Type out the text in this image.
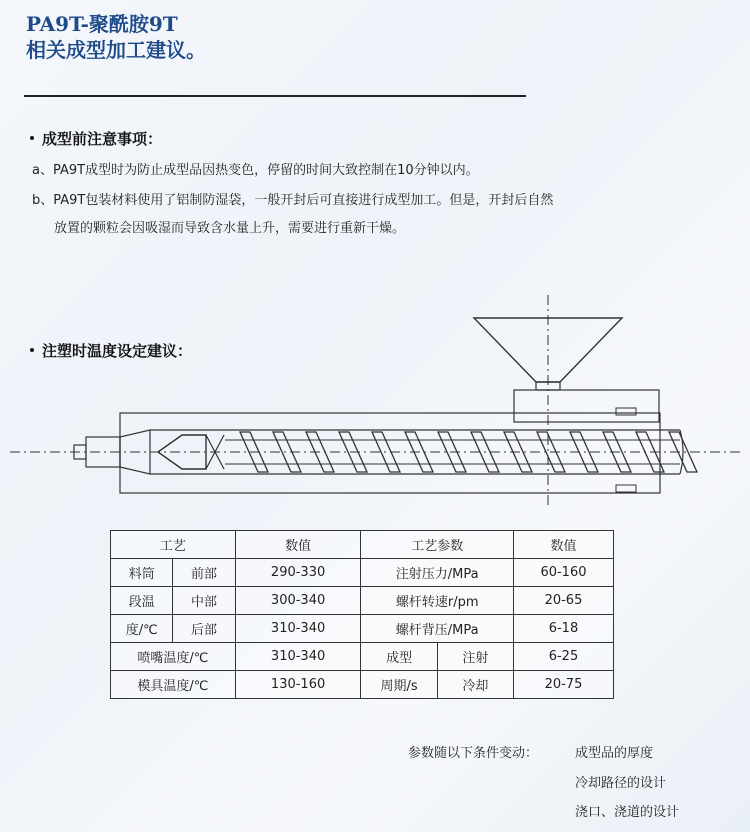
PA9T-聚酰胺9T
相关成型加工建议。
成型前注意事项：
a、PA9T成型时为防止成型品因热变色，停留的时间大致控制在10分钟以内。
b、PA9T包装材料使用了铝制防湿袋，一般开封后可直接进行成型加工。但是，开封后自然
放置的颗粒会因吸湿而导致含水量上升，需要进行重新干燥。
注塑时温度设定建议：
工艺		数值	工艺参数		数值
料筒	前部	290-330	注射压力/MPa		60-160
段温	中部	300-340	螺杆转速r/pm		20-65
度/℃	后部	310-340	螺杆背压/MPa		6-18
喷嘴温度/℃		310-340	成型	注射	6-25
模具温度/℃		130-160	周期/s	冷却	20-75
参数随以下条件变动：	成型品的厚度
冷却路径的设计
浇口、浇道的设计
